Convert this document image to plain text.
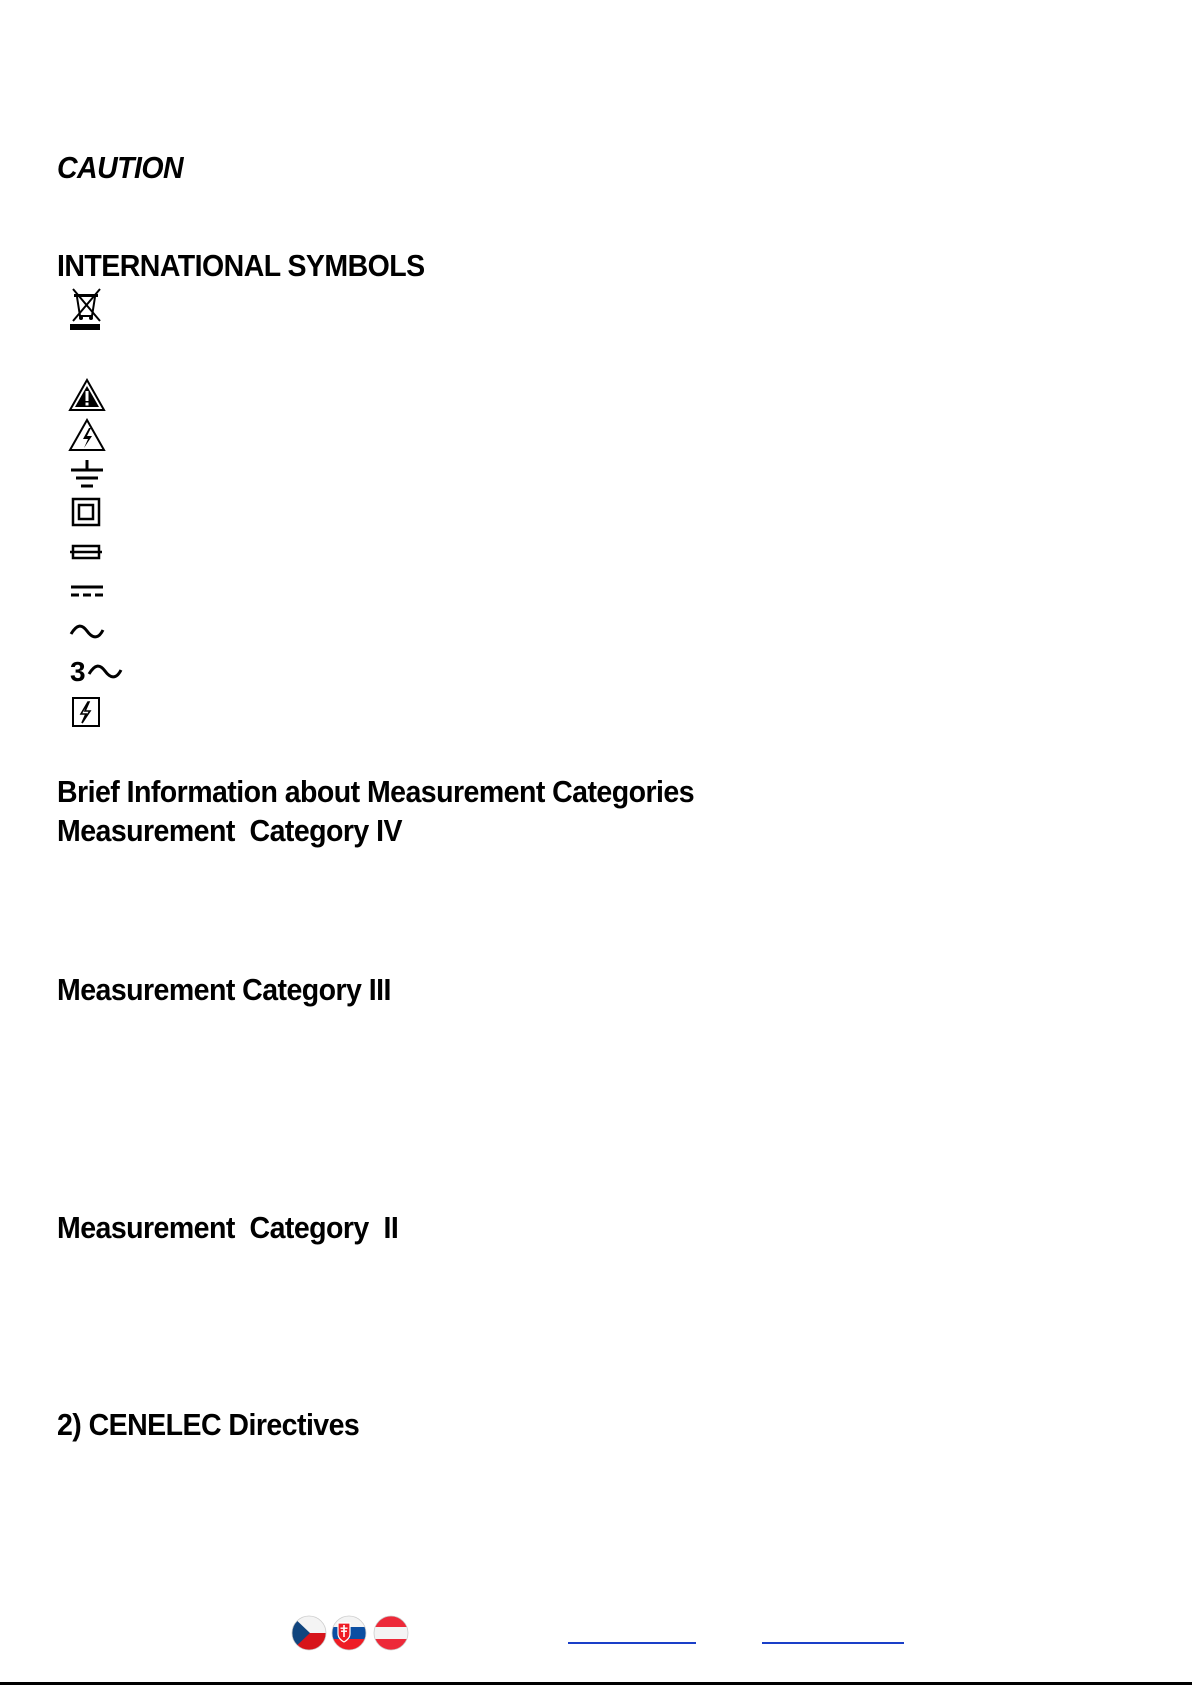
CAUTION
INTERNATIONAL SYMBOLS
3
Brief Information about Measurement Categories
Measurement  Category IV
Measurement Category III
Measurement  Category  II
2) CENELEC Directives
